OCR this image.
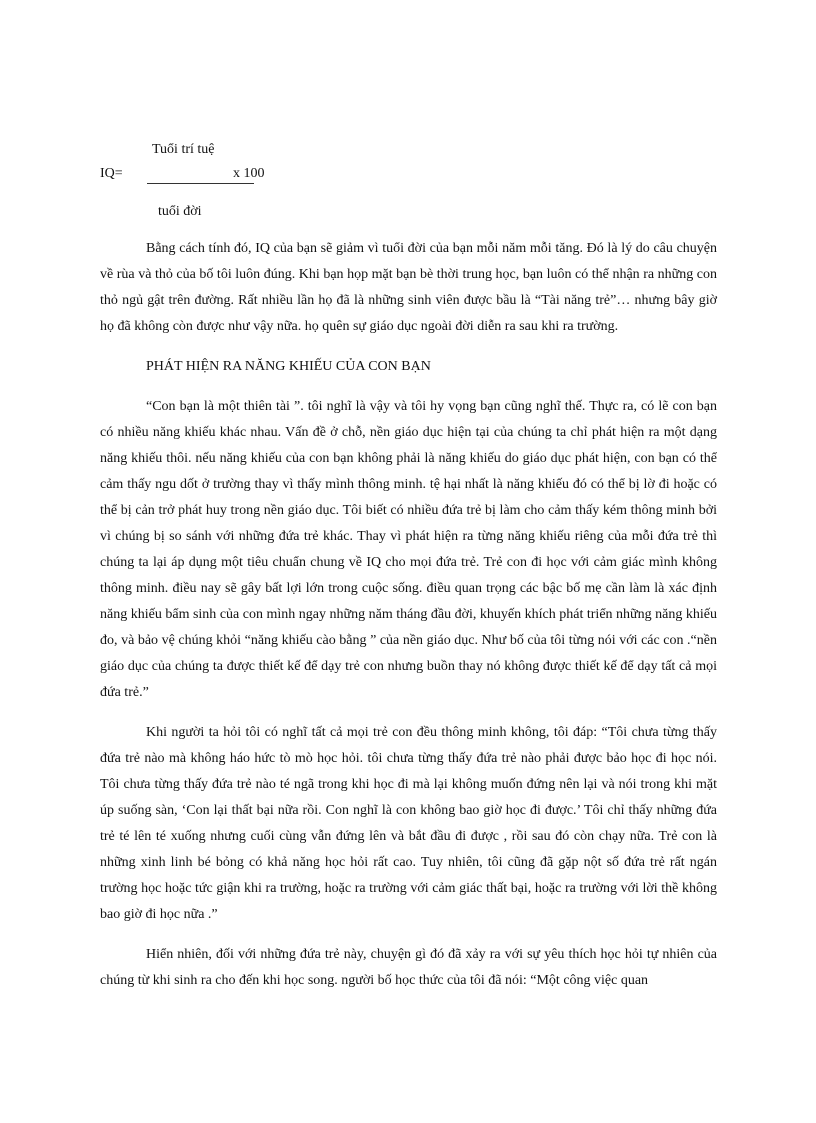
Tuổi trí tuệ
IQ=	x 100
tuổi đời

Bằng cách tính đó, IQ của bạn sẽ giảm vì tuổi đời của bạn mỗi năm mỗi tăng. Đó là lý do câu chuyện về rùa và thỏ của bố tôi luôn đúng. Khi bạn họp mặt bạn bè thời trung học, bạn luôn có thể nhận ra những con thỏ ngủ gật trên đường. Rất nhiều lần họ đã là những sinh viên được bầu là “Tài năng trẻ”… nhưng bây giờ họ đã không còn được như vậy nữa. họ quên sự giáo dục ngoài đời diễn ra sau khi ra trường.

PHÁT HIỆN RA NĂNG KHIẾU CỦA CON BẠN

“Con bạn là một thiên tài ”. tôi nghĩ là vậy và tôi hy vọng bạn cũng nghĩ thế. Thực ra, có lẽ con bạn có nhiều năng khiếu khác nhau. Vấn đề ở chỗ, nền giáo dục hiện tại của chúng ta chỉ phát hiện ra một dạng năng khiếu thôi. nếu năng khiếu của con bạn không phải là năng khiếu do giáo dục phát hiện, con bạn có thể cảm thấy ngu dốt ở trường thay vì thấy mình thông minh. tệ hại nhất là năng khiếu đó có thể bị lờ đi hoặc có thể bị cản trở phát huy trong nền giáo dục. Tôi biết có nhiều đứa trẻ bị làm cho cảm thấy kém thông minh bởi vì chúng bị so sánh với những đứa trẻ khác. Thay vì phát hiện ra từng năng khiếu riêng của mỗi đứa trẻ thì chúng ta lại áp dụng một tiêu chuẩn chung về IQ cho mọi đứa trẻ. Trẻ con đi học với cảm giác mình không thông minh. điều nay sẽ gây bất lợi lớn trong cuộc sống. điều quan trọng các bậc bố mẹ cần làm là xác định năng khiếu bẩm sinh của con mình ngay những năm tháng đầu đời, khuyến khích phát triển những năng khiếu đo, và bảo vệ chúng khỏi “năng khiếu cào bằng ” của nền giáo dục. Như bố của tôi từng nói với các con .“nền giáo dục của chúng ta được thiết kế để dạy trẻ con nhưng buồn thay nó không được thiết kế để dạy tất cả mọi đứa trẻ.”

Khi người ta hỏi tôi có nghĩ tất cả mọi trẻ con đều thông minh không, tôi đáp: “Tôi chưa từng thấy đứa trẻ nào mà không háo hức tò mò học hỏi. tôi chưa từng thấy đứa trẻ nào phải được bảo học đi học nói. Tôi chưa từng thấy đứa trẻ nào té ngã trong khi học đi mà lại không muốn đứng nên lại và nói trong khi mặt úp suống sàn, ‘Con lại thất bại nữa rồi. Con nghĩ là con không bao giờ học đi được.’ Tôi chỉ thấy những đứa trẻ té lên té xuống nhưng cuối cùng vẫn đứng lên và bắt đầu đi được , rồi sau đó còn chạy nữa. Trẻ con là những xinh linh bé bỏng có khả năng học hỏi rất cao. Tuy nhiên, tôi cũng đã gặp nột số đứa trẻ rất ngán trường học hoặc tức giận khi ra trường, hoặc ra trường với cảm giác thất bại, hoặc ra trường với lời thề không bao giờ đi học nữa .”

Hiển nhiên, đối với những đứa trẻ này, chuyện gì đó đã xảy ra với sự yêu thích học hỏi tự nhiên của chúng từ khi sinh ra cho đến khi học song. người bố học thức của tôi đã nói: “Một công việc quan
